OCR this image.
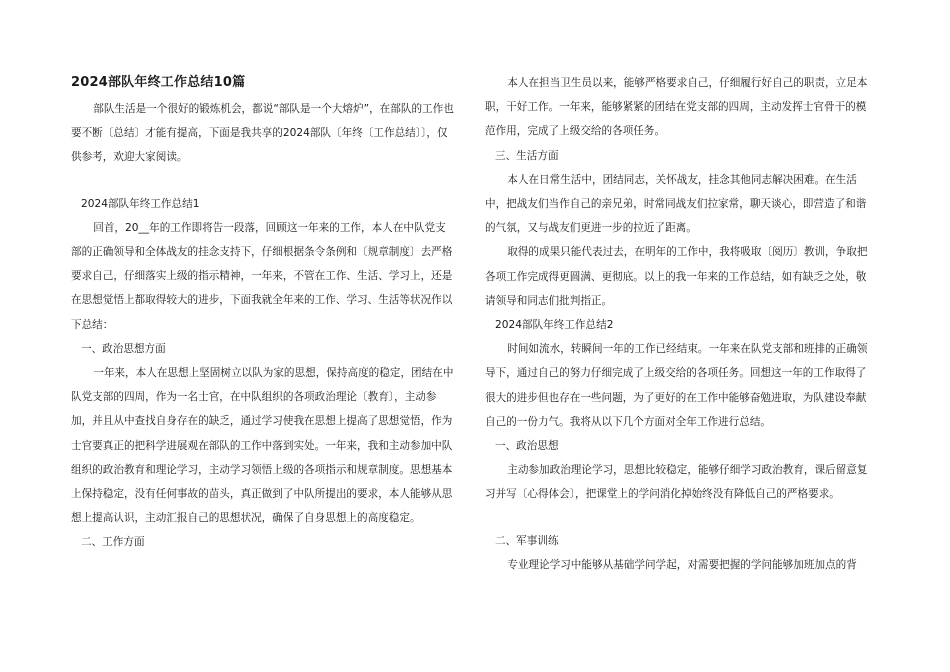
2024部队年终工作总结10篇

部队生活是一个很好的锻炼机会，都说“部队是一个大熔炉”，在部队的工作也要不断〔总结〕才能有提高，下面是我共享的2024部队〔年终〔工作总结〕〕，仅供参考，欢迎大家阅读。

2024部队年终工作总结1

回首，20__年的工作即将告一段落，回顾这一年来的工作，本人在中队党支部的正确领导和全体战友的挂念支持下，仔细根据条令条例和〔规章制度〕去严格要求自己，仔细落实上级的指示精神，一年来，不管在工作、生活、学习上，还是在思想觉悟上都取得较大的进步，下面我就全年来的工作、学习、生活等状况作以下总结：

一、政治思想方面

一年来，本人在思想上坚固树立以队为家的思想，保持高度的稳定，团结在中队党支部的四周，作为一名士官，在中队组织的各项政治理论〔教育〕，主动参加，并且从中查找自身存在的缺乏，通过学习使我在思想上提高了思想觉悟，作为士官要真正的把科学进展观在部队的工作中落到实处。一年来，我和主动参加中队组织的政治教育和理论学习，主动学习领悟上级的各项指示和规章制度。思想基本上保持稳定，没有任何事故的苗头，真正做到了中队所提出的要求，本人能够从思想上提高认识，主动汇报自己的思想状况，确保了自身思想上的高度稳定。

二、工作方面

本人在担当卫生员以来，能够严格要求自己，仔细履行好自己的职责，立足本职，干好工作。一年来，能够紧紧的团结在党支部的四周，主动发挥士官骨干的模范作用，完成了上级交给的各项任务。

三、生活方面

本人在日常生活中，团结同志，关怀战友，挂念其他同志解决困难。在生活中，把战友们当作自己的亲兄弟，时常同战友们拉家常，聊天谈心，即营造了和谐的气氛，又与战友们更进一步的拉近了距离。

取得的成果只能代表过去，在明年的工作中，我将吸取〔阅历〕教训，争取把各项工作完成得更圆满、更彻底。以上的我一年来的工作总结，如有缺乏之处，敬请领导和同志们批判指正。

2024部队年终工作总结2

时间如流水，转瞬间一年的工作已经结束。一年来在队党支部和班排的正确领导下，通过自己的努力仔细完成了上级交给的各项任务。回想这一年的工作取得了很大的进步但也存在一些问题，为了更好的在工作中能够奋勉进取，为队建设奉献自己的一份力气。我将从以下几个方面对全年工作进行总结。

一、政治思想

主动参加政治理论学习，思想比较稳定，能够仔细学习政治教育，课后留意复习并写〔心得体会〕，把课堂上的学问消化掉始终没有降低自己的严格要求。

二、军事训练

专业理论学习中能够从基础学问学起，对需要把握的学问能够加班加点的背
